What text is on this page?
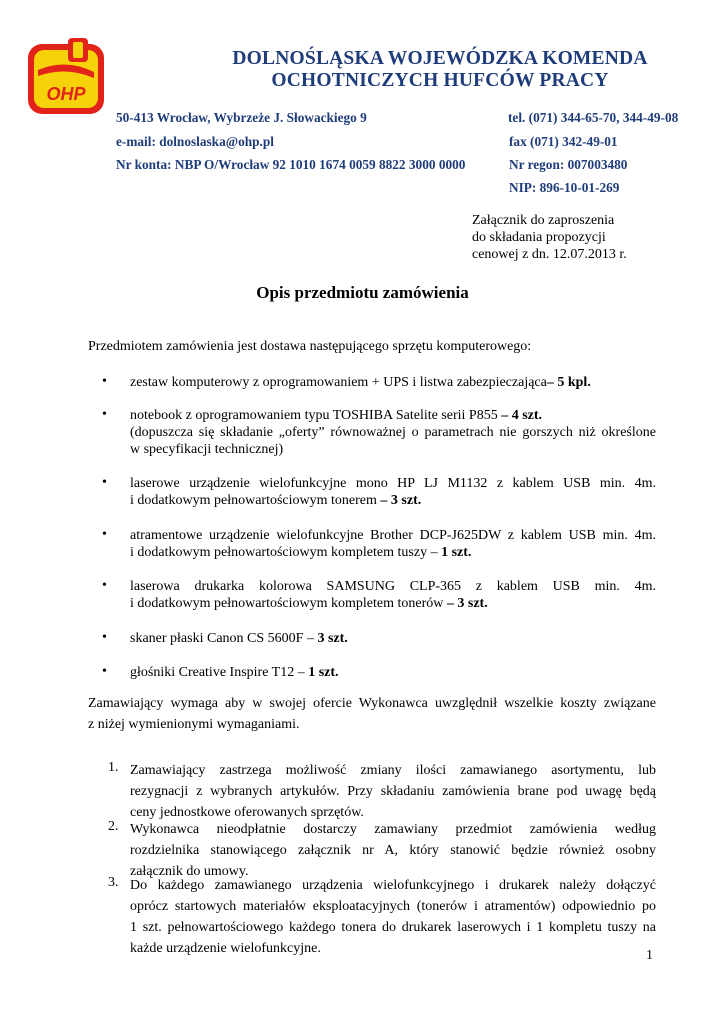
OHP
DOLNOŚLĄSKA WOJEWÓDZKA KOMENDA
OCHOTNICZYCH HUFCÓW PRACY
50-413 Wrocław, Wybrzeże J. Słowackiego 9
e-mail: dolnoslaska@ohp.pl
Nr konta: NBP O/Wrocław 92 1010 1674 0059 8822 3000 0000
tel. (071) 344-65-70, 344-49-08
fax (071) 342-49-01
Nr regon: 007003480
NIP: 896-10-01-269
Załącznik do zaproszenia
do składania propozycji
cenowej z dn. 12.07.2013 r.
Opis przedmiotu zamówienia
Przedmiotem zamówienia jest dostawa następującego sprzętu komputerowego:
• zestaw komputerowy z oprogramowaniem + UPS i listwa zabezpieczająca– 5 kpl.
• notebook z oprogramowaniem typu TOSHIBA Satelite serii P855 – 4 szt.
(dopuszcza się składanie „oferty” równoważnej o parametrach nie gorszych niż określone
w specyfikacji technicznej)
• laserowe urządzenie wielofunkcyjne mono HP LJ M1132 z kablem USB min. 4m.
i dodatkowym pełnowartościowym tonerem – 3 szt.
• atramentowe urządzenie wielofunkcyjne Brother DCP-J625DW z kablem USB min. 4m.
i dodatkowym pełnowartościowym kompletem tuszy – 1 szt.
• laserowa drukarka kolorowa SAMSUNG CLP-365 z kablem USB min. 4m.
i dodatkowym pełnowartościowym kompletem tonerów – 3 szt.
• skaner płaski Canon CS 5600F – 3 szt.
• głośniki Creative Inspire T12 – 1 szt.
Zamawiający wymaga aby w swojej ofercie Wykonawca uwzględnił wszelkie koszty związane
z niżej wymienionymi wymaganiami.
1. Zamawiający zastrzega możliwość zmiany ilości zamawianego asortymentu, lub
rezygnacji z wybranych artykułów. Przy składaniu zamówienia brane pod uwagę będą
ceny jednostkowe oferowanych sprzętów.
2. Wykonawca nieodpłatnie dostarczy zamawiany przedmiot zamówienia według
rozdzielnika stanowiącego załącznik nr A, który stanowić będzie również osobny
załącznik do umowy.
3. Do każdego zamawianego urządzenia wielofunkcyjnego i drukarek należy dołączyć
oprócz startowych materiałów eksploatacyjnych (tonerów i atramentów) odpowiednio po
1 szt. pełnowartościowego każdego tonera do drukarek laserowych i 1 kompletu tuszy na
każde urządzenie wielofunkcyjne.	1
